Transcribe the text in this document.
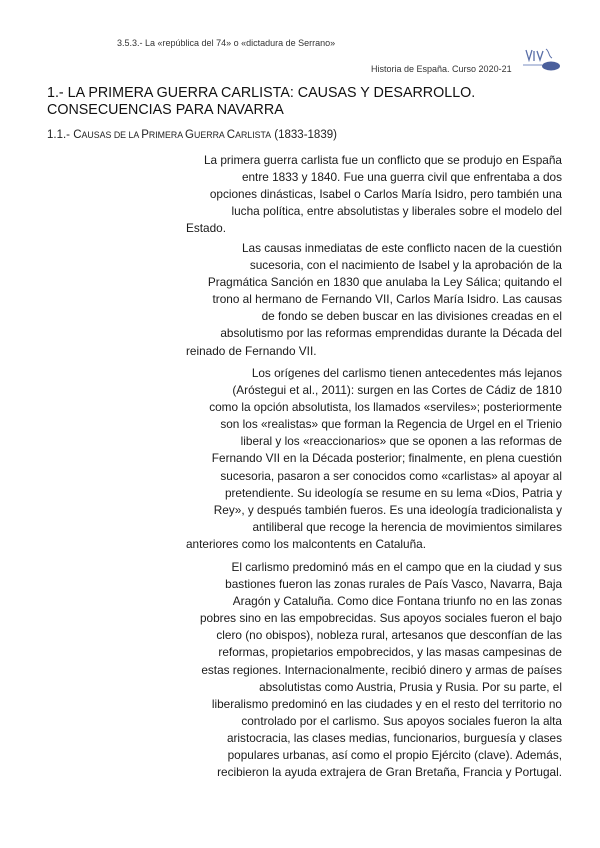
3.5.3.- La «república del 74» o «dictadura de Serrano»
Historia de España. Curso 2020-21
1.- LA PRIMERA GUERRA CARLISTA: CAUSAS Y DESARROLLO.
CONSECUENCIAS PARA NAVARRA
1.1.- CAUSAS DE LA PRIMERA GUERRA CARLISTA (1833-1839)
La primera guerra carlista fue un conflicto que se produjo en España
entre 1833 y 1840. Fue una guerra civil que enfrentaba a dos
opciones dinásticas, Isabel o Carlos María Isidro, pero también una
lucha política, entre absolutistas y liberales sobre el modelo del
Estado.
Las causas inmediatas de este conflicto nacen de la cuestión
sucesoria, con el nacimiento de Isabel y la aprobación de la
Pragmática Sanción en 1830 que anulaba la Ley Sálica; quitando el
trono al hermano de Fernando VII, Carlos María Isidro. Las causas
de fondo se deben buscar en las divisiones creadas en el
absolutismo por las reformas emprendidas durante la Década del
reinado de Fernando VII.
Los orígenes del carlismo tienen antecedentes más lejanos
(Aróstegui et al., 2011): surgen en las Cortes de Cádiz de 1810
como la opción absolutista, los llamados «serviles»; posteriormente
son los «realistas» que forman la Regencia de Urgel en el Trienio
liberal y los «reaccionarios» que se oponen a las reformas de
Fernando VII en la Década posterior; finalmente, en plena cuestión
sucesoria, pasaron a ser conocidos como «carlistas» al apoyar al
pretendiente. Su ideología se resume en su lema «Dios, Patria y
Rey», y después también fueros. Es una ideología tradicionalista y
antiliberal que recoge la herencia de movimientos similares
anteriores como los malcontents en Cataluña.
El carlismo predominó más en el campo que en la ciudad y sus
bastiones fueron las zonas rurales de País Vasco, Navarra, Baja
Aragón y Cataluña. Como dice Fontana triunfo no en las zonas
pobres sino en las empobrecidas. Sus apoyos sociales fueron el bajo
clero (no obispos), nobleza rural, artesanos que desconfían de las
reformas, propietarios empobrecidos, y las masas campesinas de
estas regiones. Internacionalmente, recibió dinero y armas de países
absolutistas como Austria, Prusia y Rusia. Por su parte, el
liberalismo predominó en las ciudades y en el resto del territorio no
controlado por el carlismo. Sus apoyos sociales fueron la alta
aristocracia, las clases medias, funcionarios, burguesía y clases
populares urbanas, así como el propio Ejército (clave). Además,
recibieron la ayuda extrajera de Gran Bretaña, Francia y Portugal.
